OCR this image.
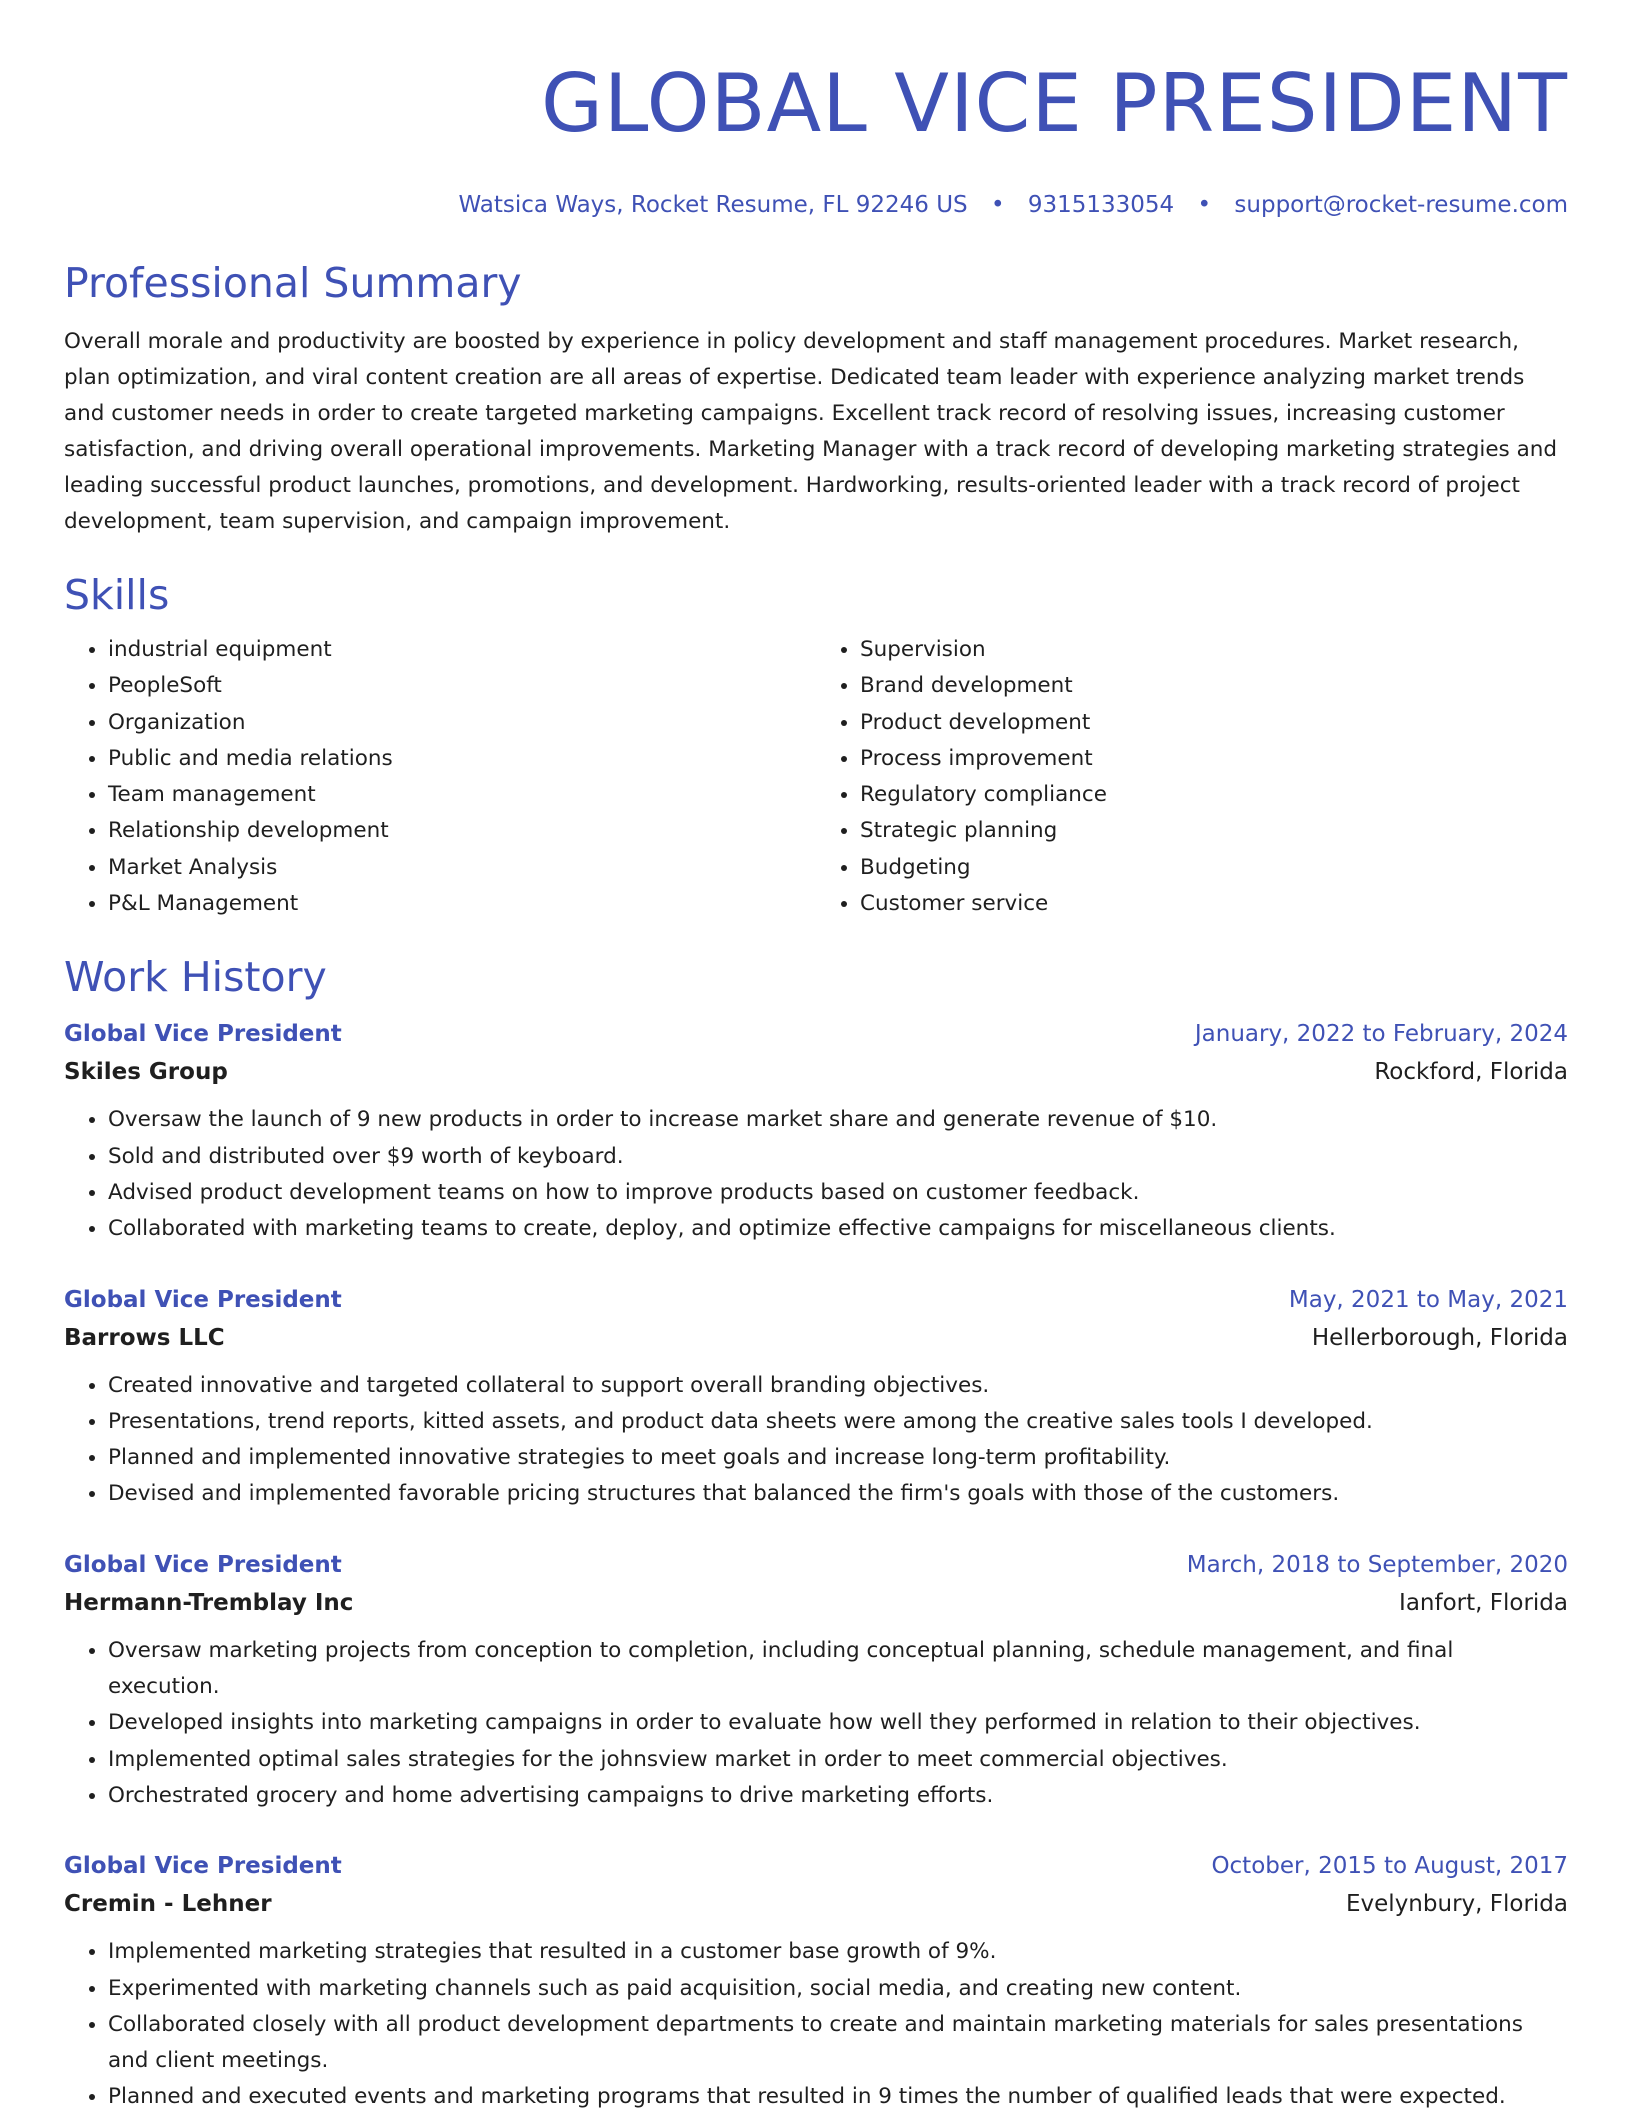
GLOBAL VICE PRESIDENT
Watsica Ways, Rocket Resume, FL 92246 US • 9315133054 • support@rocket-resume.com
Professional Summary

Overall morale and productivity are boosted by experience in policy development and staff management procedures. Market research, plan optimization, and viral content creation are all areas of expertise. Dedicated team leader with experience analyzing market trends and customer needs in order to create targeted marketing campaigns. Excellent track record of resolving issues, increasing customer satisfaction, and driving overall operational improvements. Marketing Manager with a track record of developing marketing strategies and leading successful product launches, promotions, and development. Hardworking, results-oriented leader with a track record of project development, team supervision, and campaign improvement.

Skills
• industrial equipment
• PeopleSoft
• Organization
• Public and media relations
• Team management
• Relationship development
• Market Analysis
• P&L Management
• Supervision
• Brand development
• Product development
• Process improvement
• Regulatory compliance
• Strategic planning
• Budgeting
• Customer service
Work History
Global Vice President	January, 2022 to February, 2024
Skiles Group	Rockford, Florida
• Oversaw the launch of 9 new products in order to increase market share and generate revenue of $10.
• Sold and distributed over $9 worth of keyboard.
• Advised product development teams on how to improve products based on customer feedback.
• Collaborated with marketing teams to create, deploy, and optimize effective campaigns for miscellaneous clients.
Global Vice President	May, 2021 to May, 2021
Barrows LLC	Hellerborough, Florida
• Created innovative and targeted collateral to support overall branding objectives.
• Presentations, trend reports, kitted assets, and product data sheets were among the creative sales tools I developed.
• Planned and implemented innovative strategies to meet goals and increase long-term profitability.
• Devised and implemented favorable pricing structures that balanced the firm's goals with those of the customers.
Global Vice President	March, 2018 to September, 2020
Hermann-Tremblay Inc	Ianfort, Florida
• Oversaw marketing projects from conception to completion, including conceptual planning, schedule management, and final execution.
• Developed insights into marketing campaigns in order to evaluate how well they performed in relation to their objectives.
• Implemented optimal sales strategies for the johnsview market in order to meet commercial objectives.
• Orchestrated grocery and home advertising campaigns to drive marketing efforts.
Global Vice President	October, 2015 to August, 2017
Cremin - Lehner	Evelynbury, Florida
• Implemented marketing strategies that resulted in a customer base growth of 9%.
• Experimented with marketing channels such as paid acquisition, social media, and creating new content.
• Collaborated closely with all product development departments to create and maintain marketing materials for sales presentations and client meetings.
• Planned and executed events and marketing programs that resulted in 9 times the number of qualified leads that were expected.
